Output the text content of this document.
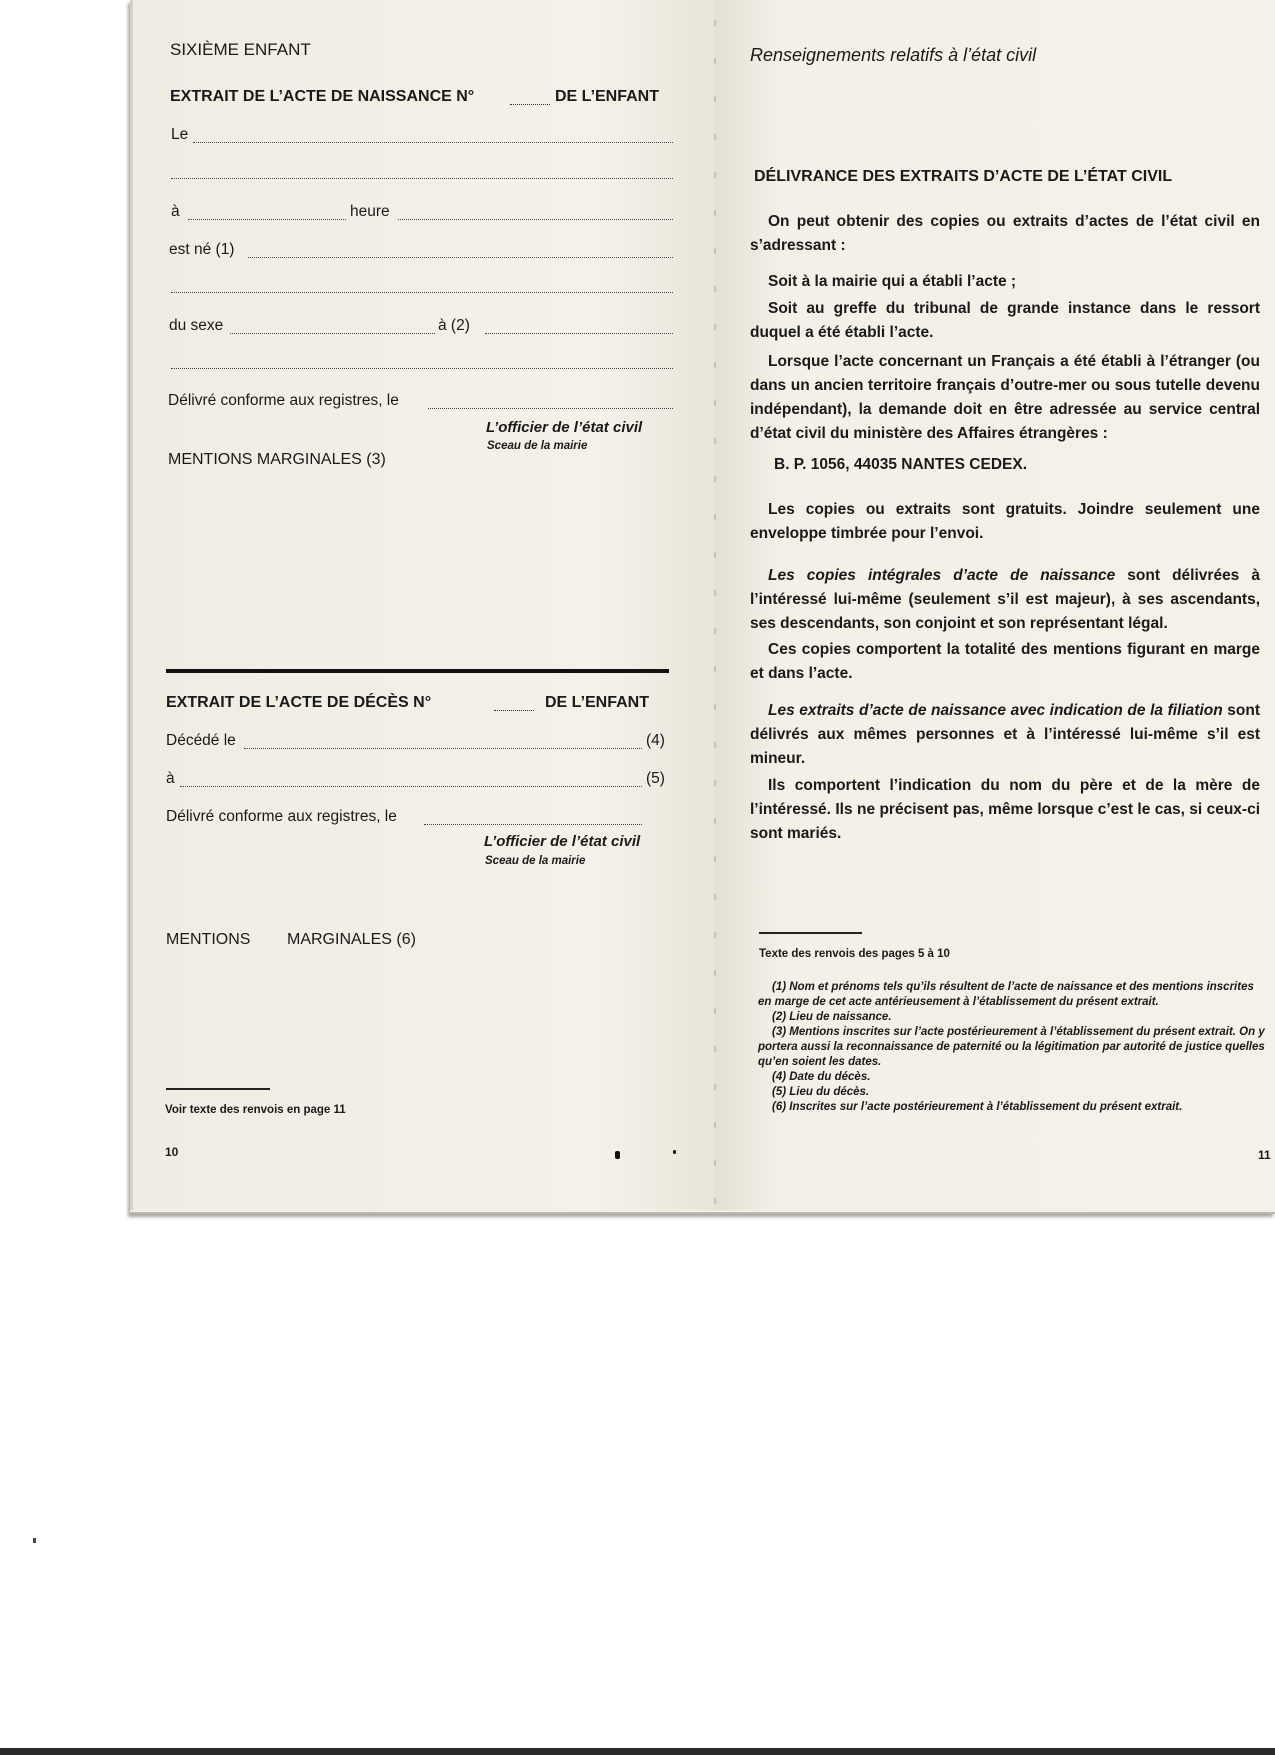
SIXIÈME ENFANT
EXTRAIT DE L’ACTE DE NAISSANCE N°	DE L’ENFANT
Le
à	heure
est né (1)
du sexe	à (2)
Délivré conforme aux registres, le
L’officier de l’état civil
Sceau de la mairie
MENTIONS MARGINALES (3)
EXTRAIT DE L’ACTE DE DÉCÈS N°	DE L’ENFANT
Décédé le	(4)
à	(5)
Délivré conforme aux registres, le
L’officier de l’état civil
Sceau de la mairie
MENTIONS MARGINALES (6)
Voir texte des renvois en page 11
10
Renseignements relatifs à l’état civil
DÉLIVRANCE DES EXTRAITS D’ACTE DE L’ÉTAT CIVIL
On peut obtenir des copies ou extraits d’actes de l’état civil en s’adressant :
Soit à la mairie qui a établi l’acte ;
Soit au greffe du tribunal de grande instance dans le ressort duquel a été établi l’acte.
Lorsque l’acte concernant un Français a été établi à l’étranger (ou dans un ancien territoire français d’outre-mer ou sous tutelle devenu indépendant), la demande doit en être adressée au service central d’état civil du ministère des Affaires étrangères :
B. P. 1056, 44035 NANTES CEDEX.
Les copies ou extraits sont gratuits. Joindre seulement une enveloppe timbrée pour l’envoi.
Les copies intégrales d’acte de naissance sont délivrées à l’intéressé lui-même (seulement s’il est majeur), à ses ascendants, ses descendants, son conjoint et son représentant légal.
Ces copies comportent la totalité des mentions figurant en marge et dans l’acte.
Les extraits d’acte de naissance avec indication de la filiation sont délivrés aux mêmes personnes et à l’intéressé lui-même s’il est mineur.
Ils comportent l’indication du nom du père et de la mère de l’intéressé. Ils ne précisent pas, même lorsque c’est le cas, si ceux-ci sont mariés.
Texte des renvois des pages 5 à 10
(1) Nom et prénoms tels qu’ils résultent de l’acte de naissance et des mentions inscrites en marge de cet acte antérieusement à l’établissement du présent extrait.
(2) Lieu de naissance.
(3) Mentions inscrites sur l’acte postérieurement à l’établissement du présent extrait. On y portera aussi la reconnaissance de paternité ou la légitimation par autorité de justice quelles qu’en soient les dates.
(4) Date du décès.
(5) Lieu du décès.
(6) Inscrites sur l’acte postérieurement à l’établissement du présent extrait.
11
